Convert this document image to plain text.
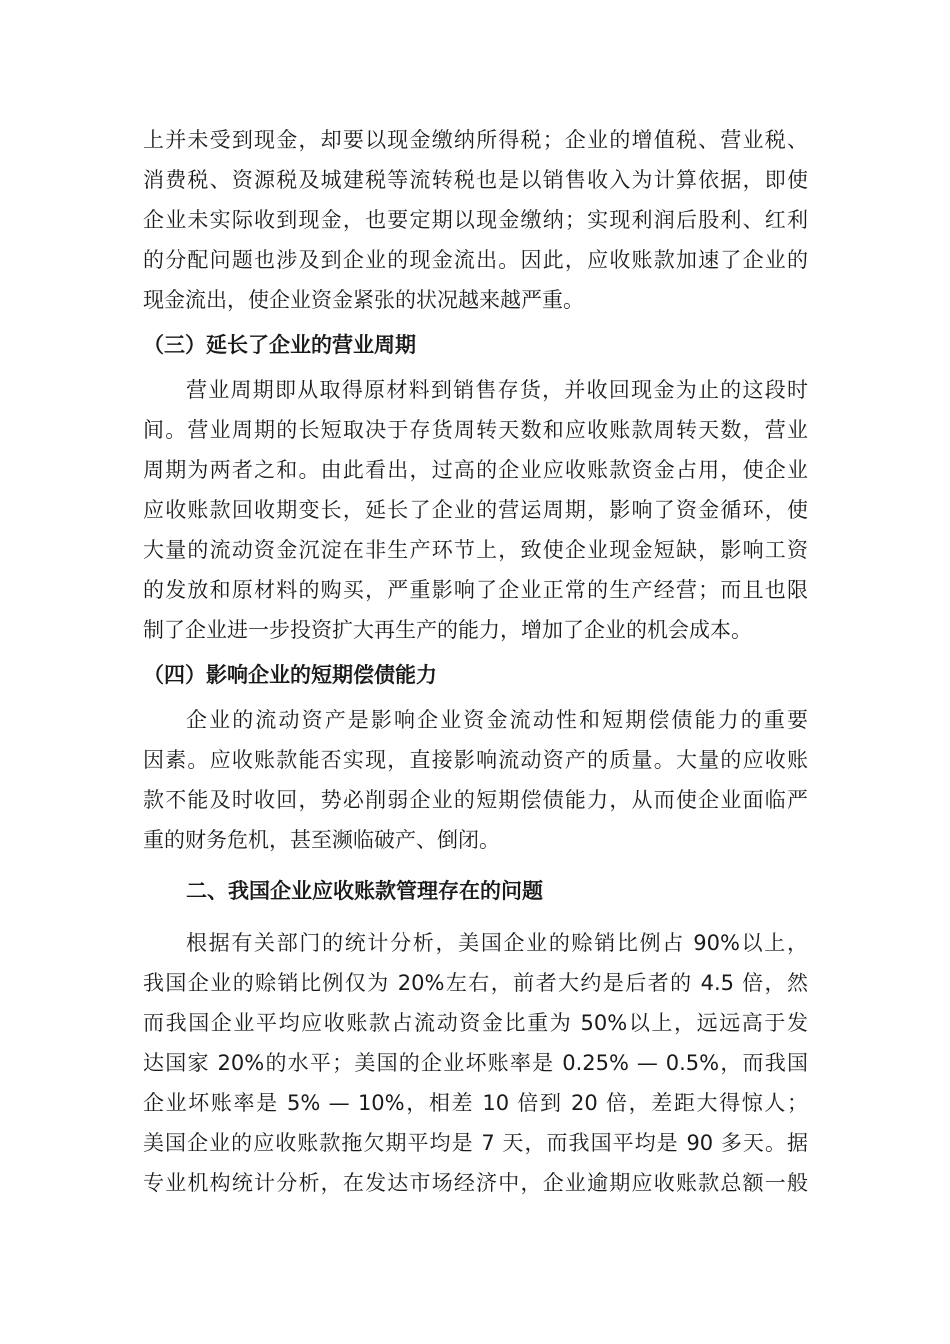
上并未受到现金，却要以现金缴纳所得税；企业的增值税、营业税、
消费税、资源税及城建税等流转税也是以销售收入为计算依据，即使
企业未实际收到现金，也要定期以现金缴纳；实现利润后股利、红利
的分配问题也涉及到企业的现金流出。因此，应收账款加速了企业的
现金流出，使企业资金紧张的状况越来越严重。
（三）延长了企业的营业周期
营业周期即从取得原材料到销售存货，并收回现金为止的这段时
间。营业周期的长短取决于存货周转天数和应收账款周转天数，营业
周期为两者之和。由此看出，过高的企业应收账款资金占用，使企业
应收账款回收期变长，延长了企业的营运周期，影响了资金循环，使
大量的流动资金沉淀在非生产环节上，致使企业现金短缺，影响工资
的发放和原材料的购买，严重影响了企业正常的生产经营；而且也限
制了企业进一步投资扩大再生产的能力，增加了企业的机会成本。
（四）影响企业的短期偿债能力
企业的流动资产是影响企业资金流动性和短期偿债能力的重要
因素。应收账款能否实现，直接影响流动资产的质量。大量的应收账
款不能及时收回，势必削弱企业的短期偿债能力，从而使企业面临严
重的财务危机，甚至濒临破产、倒闭。
二、我国企业应收账款管理存在的问题
根据有关部门的统计分析，美国企业的赊销比例占 90%以上，
我国企业的赊销比例仅为 20%左右，前者大约是后者的 4.5 倍，然
而我国企业平均应收账款占流动资金比重为 50%以上，远远高于发
达国家 20%的水平；美国的企业坏账率是 0.25% — 0.5%，而我国
企业坏账率是 5% — 10%，相差 10 倍到 20 倍，差距大得惊人；
美国企业的应收账款拖欠期平均是 7 天，而我国平均是 90 多天。据
专业机构统计分析，在发达市场经济中，企业逾期应收账款总额一般
